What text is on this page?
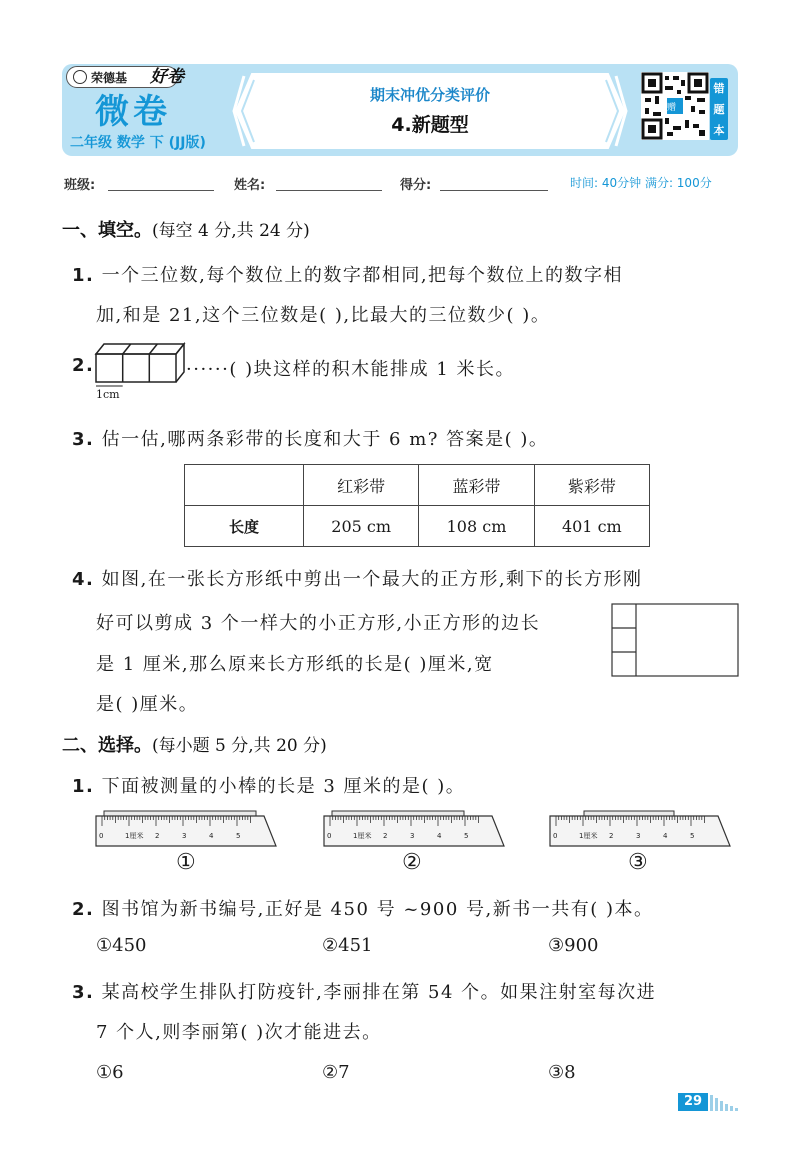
荣德基 好卷
微卷
二年级 数学 下 (JJ版)
期末冲优分类评价
4.新题型
赠
错
题
本
班级:	姓名:	得分:	时间: 40分钟 满分: 100分
一、填空。(每空 4 分,共 24 分)
1. 一个三位数,每个数位上的数字都相同,把每个数位上的数字相
加,和是 21,这个三位数是( ),比最大的三位数少( )。
2.
1cm
······( )块这样的积木能排成 1 米长。
3. 估一估,哪两条彩带的长度和大于 6 m? 答案是( )。
	红彩带	蓝彩带	紫彩带
长度	205 cm	108 cm	401 cm
4. 如图,在一张长方形纸中剪出一个最大的正方形,剩下的长方形刚
好可以剪成 3 个一样大的小正方形,小正方形的边长
是 1 厘米,那么原来长方形纸的长是( )厘米,宽
是( )厘米。
二、选择。(每小题 5 分,共 20 分)
1. 下面被测量的小棒的长是 3 厘米的是( )。
0	1厘米 2	3	4	5	0	1厘米 2	3	4	5	0	1厘米 2	3	4	5
①	②	③
2. 图书馆为新书编号,正好是 450 号 ~900 号,新书一共有( )本。
①450	②451	③900
3. 某高校学生排队打防疫针,李丽排在第 54 个。如果注射室每次进
7 个人,则李丽第( )次才能进去。
①6	②7	③8
29
